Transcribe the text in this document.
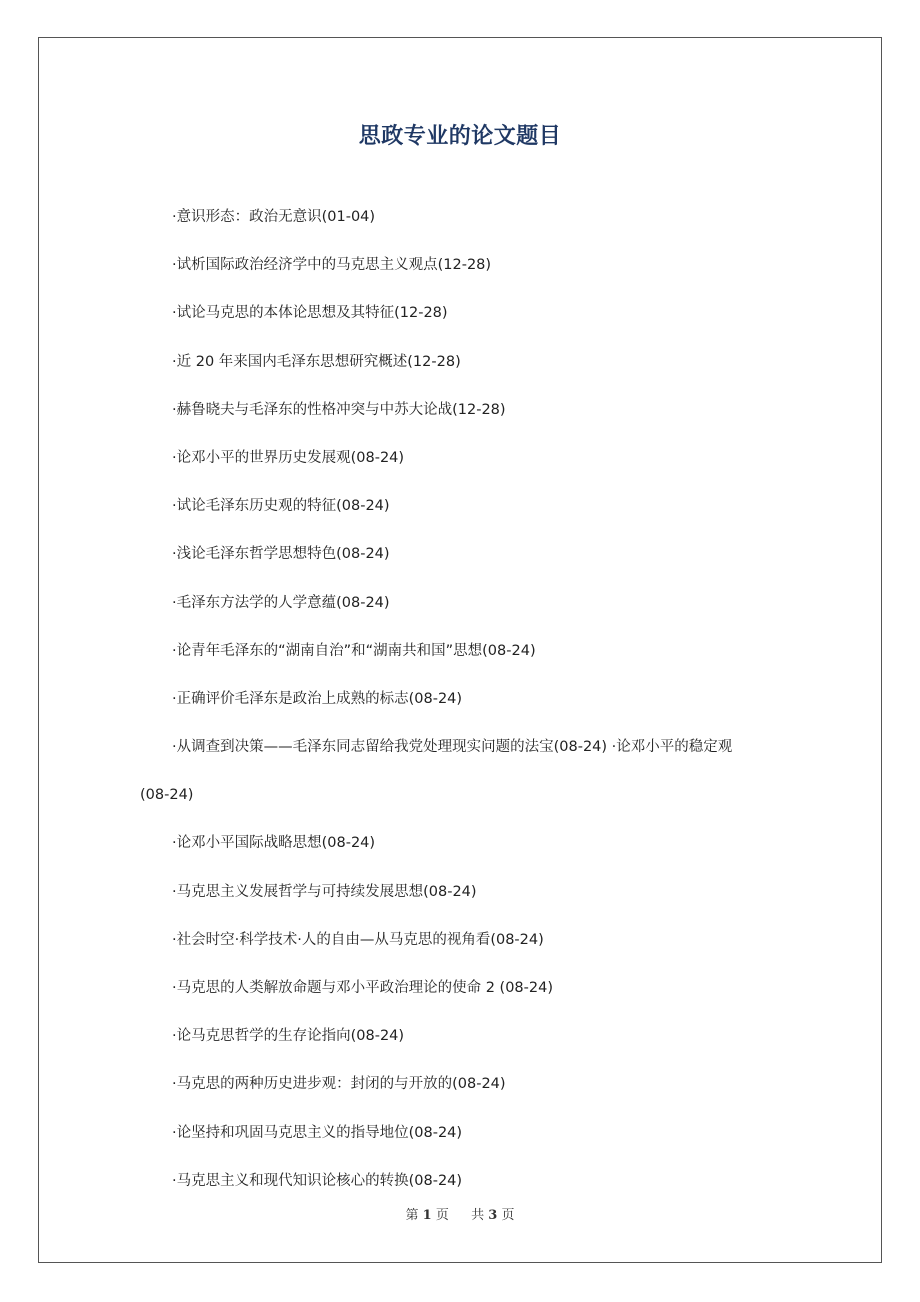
思政专业的论文题目
·意识形态：政治无意识(01-04)
·试析国际政治经济学中的马克思主义观点(12-28)
·试论马克思的本体论思想及其特征(12-28)
·近 20 年来国内毛泽东思想研究概述(12-28)
·赫鲁晓夫与毛泽东的性格冲突与中苏大论战(12-28)
·论邓小平的世界历史发展观(08-24)
·试论毛泽东历史观的特征(08-24)
·浅论毛泽东哲学思想特色(08-24)
·毛泽东方法学的人学意蕴(08-24)
·论青年毛泽东的“湖南自治”和“湖南共和国”思想(08-24)
·正确评价毛泽东是政治上成熟的标志(08-24)
·从调查到决策——毛泽东同志留给我党处理现实问题的法宝(08-24) ·论邓小平的稳定观
(08-24)
·论邓小平国际战略思想(08-24)
·马克思主义发展哲学与可持续发展思想(08-24)
·社会时空·科学技术·人的自由—从马克思的视角看(08-24)
·马克思的人类解放命题与邓小平政治理论的使命 2 (08-24)
·论马克思哲学的生存论指向(08-24)
·马克思的两种历史进步观：封闭的与开放的(08-24)
·论坚持和巩固马克思主义的指导地位(08-24)
·马克思主义和现代知识论核心的转换(08-24)
第 1 页 共 3 页
